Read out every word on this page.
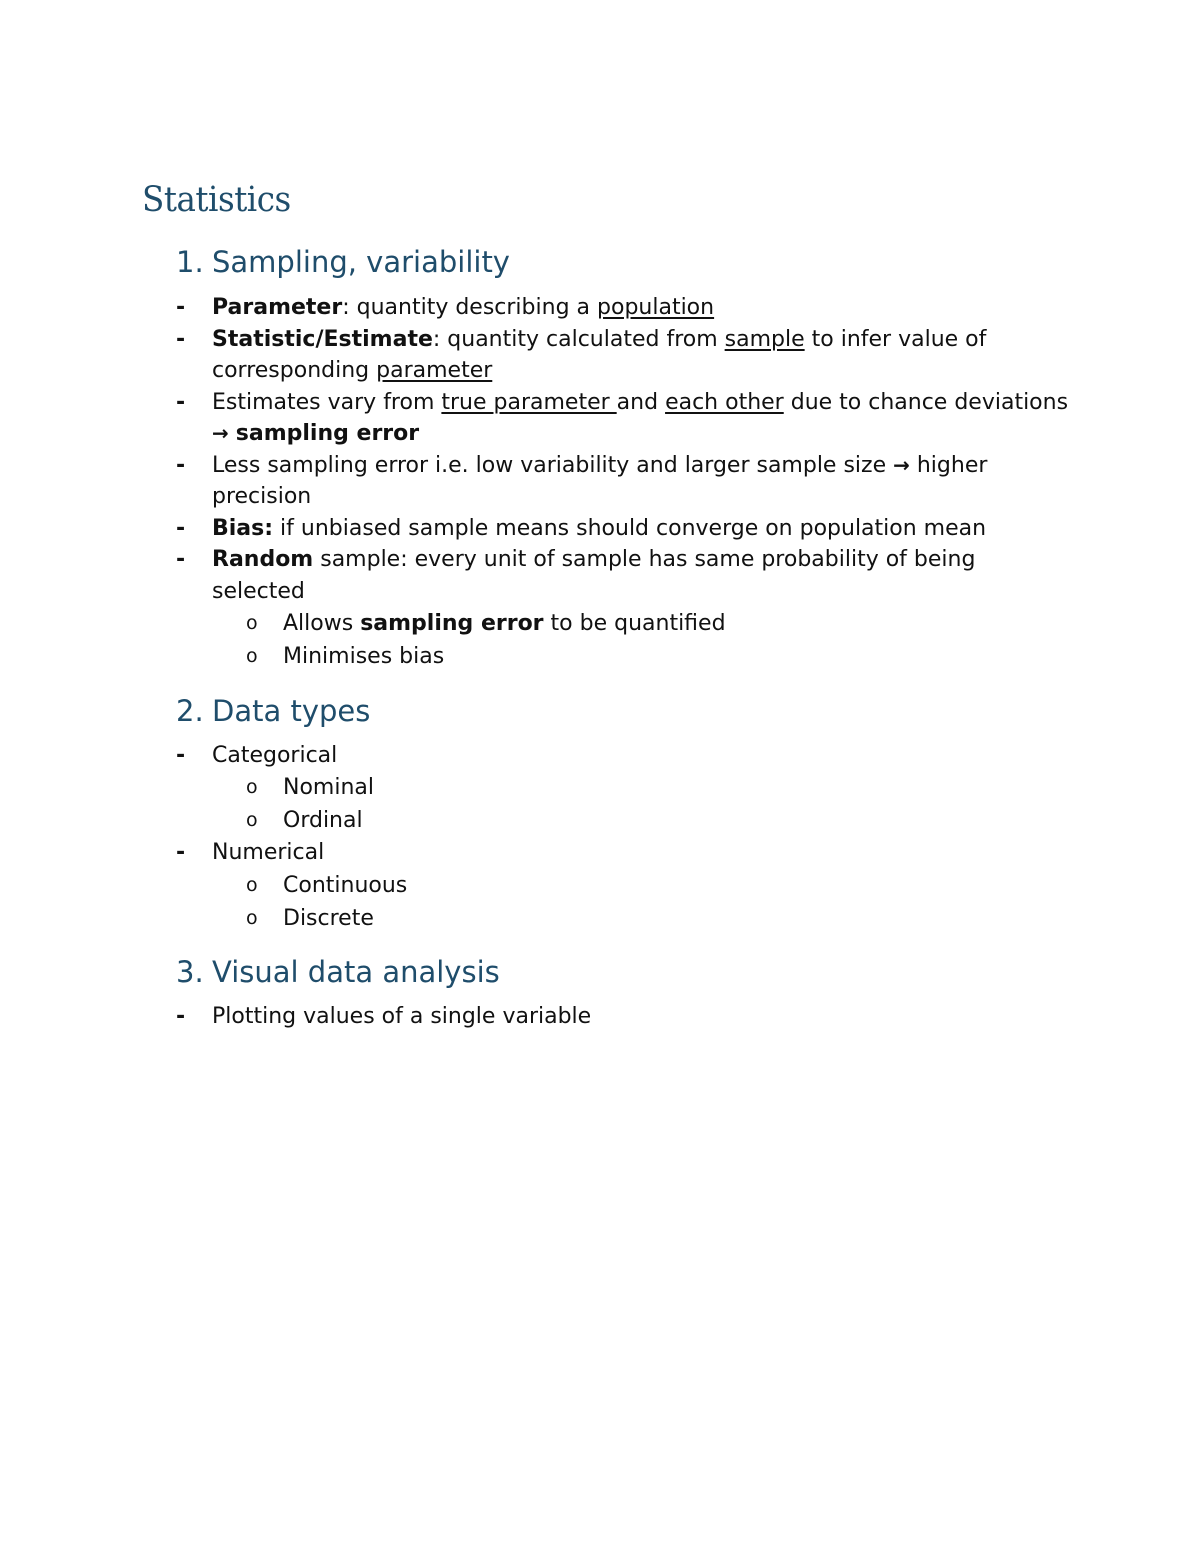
Statistics
1. Sampling, variability
- Parameter: quantity describing a population
- Statistic/Estimate: quantity calculated from sample to infer value of corresponding parameter
- Estimates vary from true parameter and each other due to chance deviations → sampling error
- Less sampling error i.e. low variability and larger sample size → higher precision
- Bias: if unbiased sample means should converge on population mean
- Random sample: every unit of sample has same probability of being selected
o Allows sampling error to be quantified
o Minimises bias
2. Data types
- Categorical
o Nominal
o Ordinal
- Numerical
o Continuous
o Discrete
3. Visual data analysis
- Plotting values of a single variable
